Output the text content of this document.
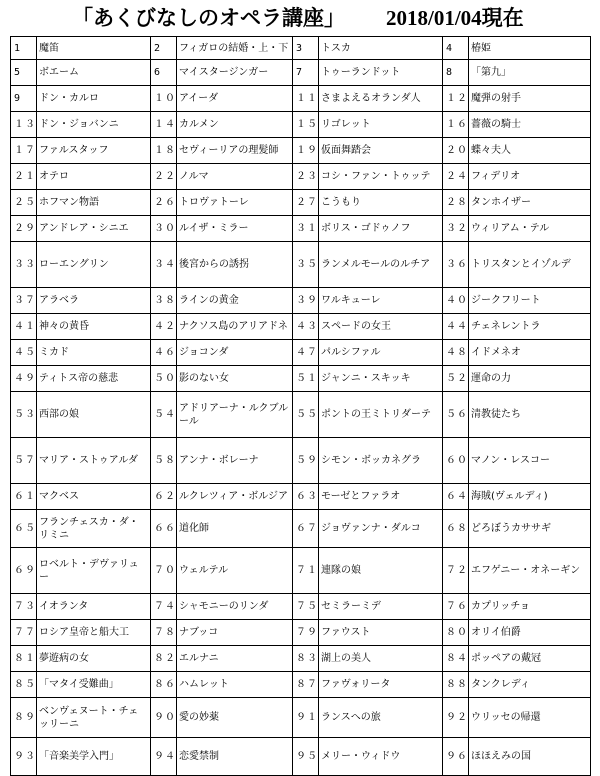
「あくびなしのオペラ講座」 2018/01/04現在
1	魔笛	2	フィガロの結婚・上・下	3	トスカ	4	椿姫
5	ボエーム	6	マイスタージンガー	7	トゥーランドット	8	「第九」
9	ドン・カルロ	１０	アイーダ	１１	さまよえるオランダ人	１２	魔弾の射手
１３	ドン・ジョバンニ	１４	カルメン	１５	リゴレット	１６	薔薇の騎士
１７	ファルスタッフ	１８	セヴィーリアの理髪師	１９	仮面舞踏会	２０	蝶々夫人
２１	オテロ	２２	ノルマ	２３	コシ・ファン・トゥッテ	２４	フィデリオ
２５	ホフマン物語	２６	トロヴァトーレ	２７	こうもり	２８	タンホイザー
２９	アンドレア・シニエ	３０	ルイザ・ミラー	３１	ボリス・ゴドゥノフ	３２	ウィリアム・テル
３３	ローエングリン	３４	後宮からの誘拐	３５	ランメルモールのルチア	３６	トリスタンとイゾルデ
３７	アラベラ	３８	ラインの黄金	３９	ワルキューレ	４０	ジークフリート
４１	神々の黄昏	４２	ナクソス島のアリアドネ	４３	スペードの女王	４４	チェネレントラ
４５	ミカド	４６	ジョコンダ	４７	パルシファル	４８	イドメネオ
４９	ティトス帝の慈悲	５０	影のない女	５１	ジャンニ・スキッキ	５２	運命の力
５３	西部の娘	５４	アドリアーナ・ルクブルール	５５	ポントの王ミトリダーテ	５６	清教徒たち
５７	マリア・ストゥアルダ	５８	アンナ・ボレーナ	５９	シモン・ボッカネグラ	６０	マノン・レスコー
６１	マクベス	６２	ルクレツィア・ボルジア	６３	モーゼとファラオ	６４	海賊(ヴェルディ)
６５	フランチェスカ・ダ・リミニ	６６	道化師	６７	ジョヴァンナ・ダルコ	６８	どろぼうカササギ
６９	ロベルト・デヴァリュー	７０	ウェルテル	７１	連隊の娘	７２	エフゲニー・オネーギン
７３	イオランタ	７４	シャモニーのリンダ	７５	セミラーミデ	７６	カプリッチョ
７７	ロシア皇帝と船大工	７８	ナブッコ	７９	ファウスト	８０	オリイ伯爵
８１	夢遊病の女	８２	エルナニ	８３	湖上の美人	８４	ポッペアの戴冠
８５	「マタイ受難曲」	８６	ハムレット	８７	ファヴォリータ	８８	タンクレディ
８９	ベンヴェヌート・チェッリーニ	９０	愛の妙薬	９１	ランスへの旅	９２	ウリッセの帰還
９３	「音楽美学入門」	９４	恋愛禁制	９５	メリー・ウィドウ	９６	ほほえみの国
